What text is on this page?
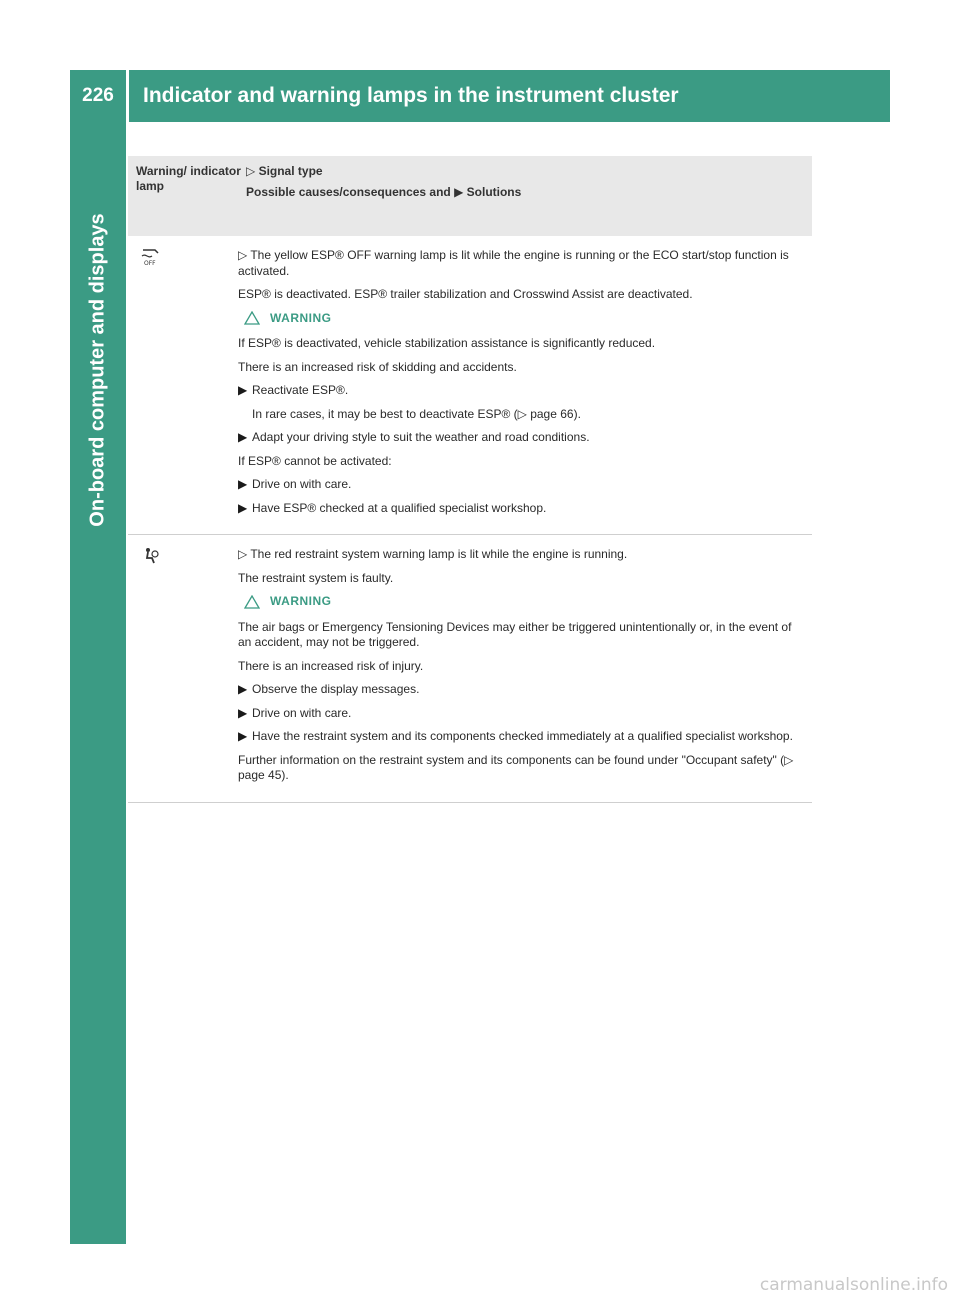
226	Indicator and warning lamps in the instrument cluster
On-board computer and displays
Warning/ indicator lamp
▷ Signal type
Possible causes/consequences and ▶ Solutions
OFF

▷ The yellow ESP® OFF warning lamp is lit while the engine is running or the ECO start/stop function is activated.

ESP® is deactivated. ESP® trailer stabilization and Crosswind Assist are deactivated.

WARNING

If ESP® is deactivated, vehicle stabilization assistance is significantly reduced.

There is an increased risk of skidding and accidents.

▶ Reactivate ESP®.

In rare cases, it may be best to deactivate ESP® (▷ page 66).

▶ Adapt your driving style to suit the weather and road conditions.

If ESP® cannot be activated:

▶ Drive on with care.
▶ Have ESP® checked at a qualified specialist workshop.

▷ The red restraint system warning lamp is lit while the engine is running.

The restraint system is faulty.

WARNING

The air bags or Emergency Tensioning Devices may either be triggered unintentionally or, in the event of an accident, may not be triggered.

There is an increased risk of injury.

▶ Observe the display messages.
▶ Drive on with care.
▶ Have the restraint system and its components checked immediately at a qualified specialist workshop.

Further information on the restraint system and its components can be found under "Occupant safety" (▷ page 45).

carmanualsonline.info
